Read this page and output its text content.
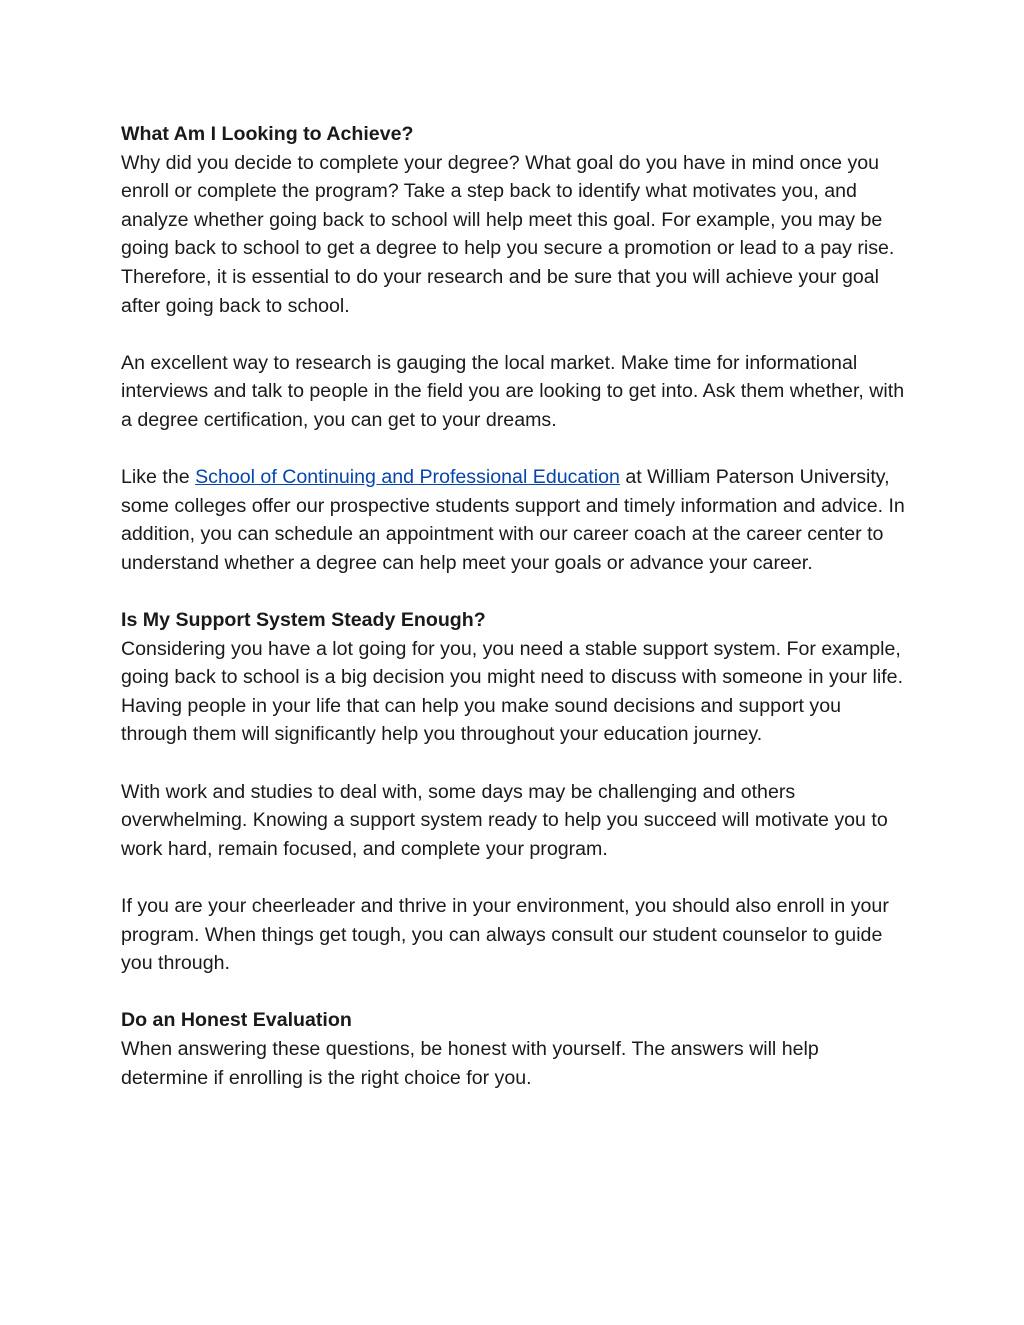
What Am I Looking to Achieve?

Why did you decide to complete your degree? What goal do you have in mind once you enroll or complete the program? Take a step back to identify what motivates you, and analyze whether going back to school will help meet this goal. For example, you may be going back to school to get a degree to help you secure a promotion or lead to a pay rise. Therefore, it is essential to do your research and be sure that you will achieve your goal after going back to school.

An excellent way to research is gauging the local market. Make time for informational interviews and talk to people in the field you are looking to get into. Ask them whether, with a degree certification, you can get to your dreams.

Like the School of Continuing and Professional Education at William Paterson University, some colleges offer our prospective students support and timely information and advice. In addition, you can schedule an appointment with our career coach at the career center to understand whether a degree can help meet your goals or advance your career.

Is My Support System Steady Enough?

Considering you have a lot going for you, you need a stable support system. For example, going back to school is a big decision you might need to discuss with someone in your life. Having people in your life that can help you make sound decisions and support you through them will significantly help you throughout your education journey.

With work and studies to deal with, some days may be challenging and others overwhelming. Knowing a support system ready to help you succeed will motivate you to work hard, remain focused, and complete your program.

If you are your cheerleader and thrive in your environment, you should also enroll in your program. When things get tough, you can always consult our student counselor to guide you through.

Do an Honest Evaluation

When answering these questions, be honest with yourself. The answers will help determine if enrolling is the right choice for you.
